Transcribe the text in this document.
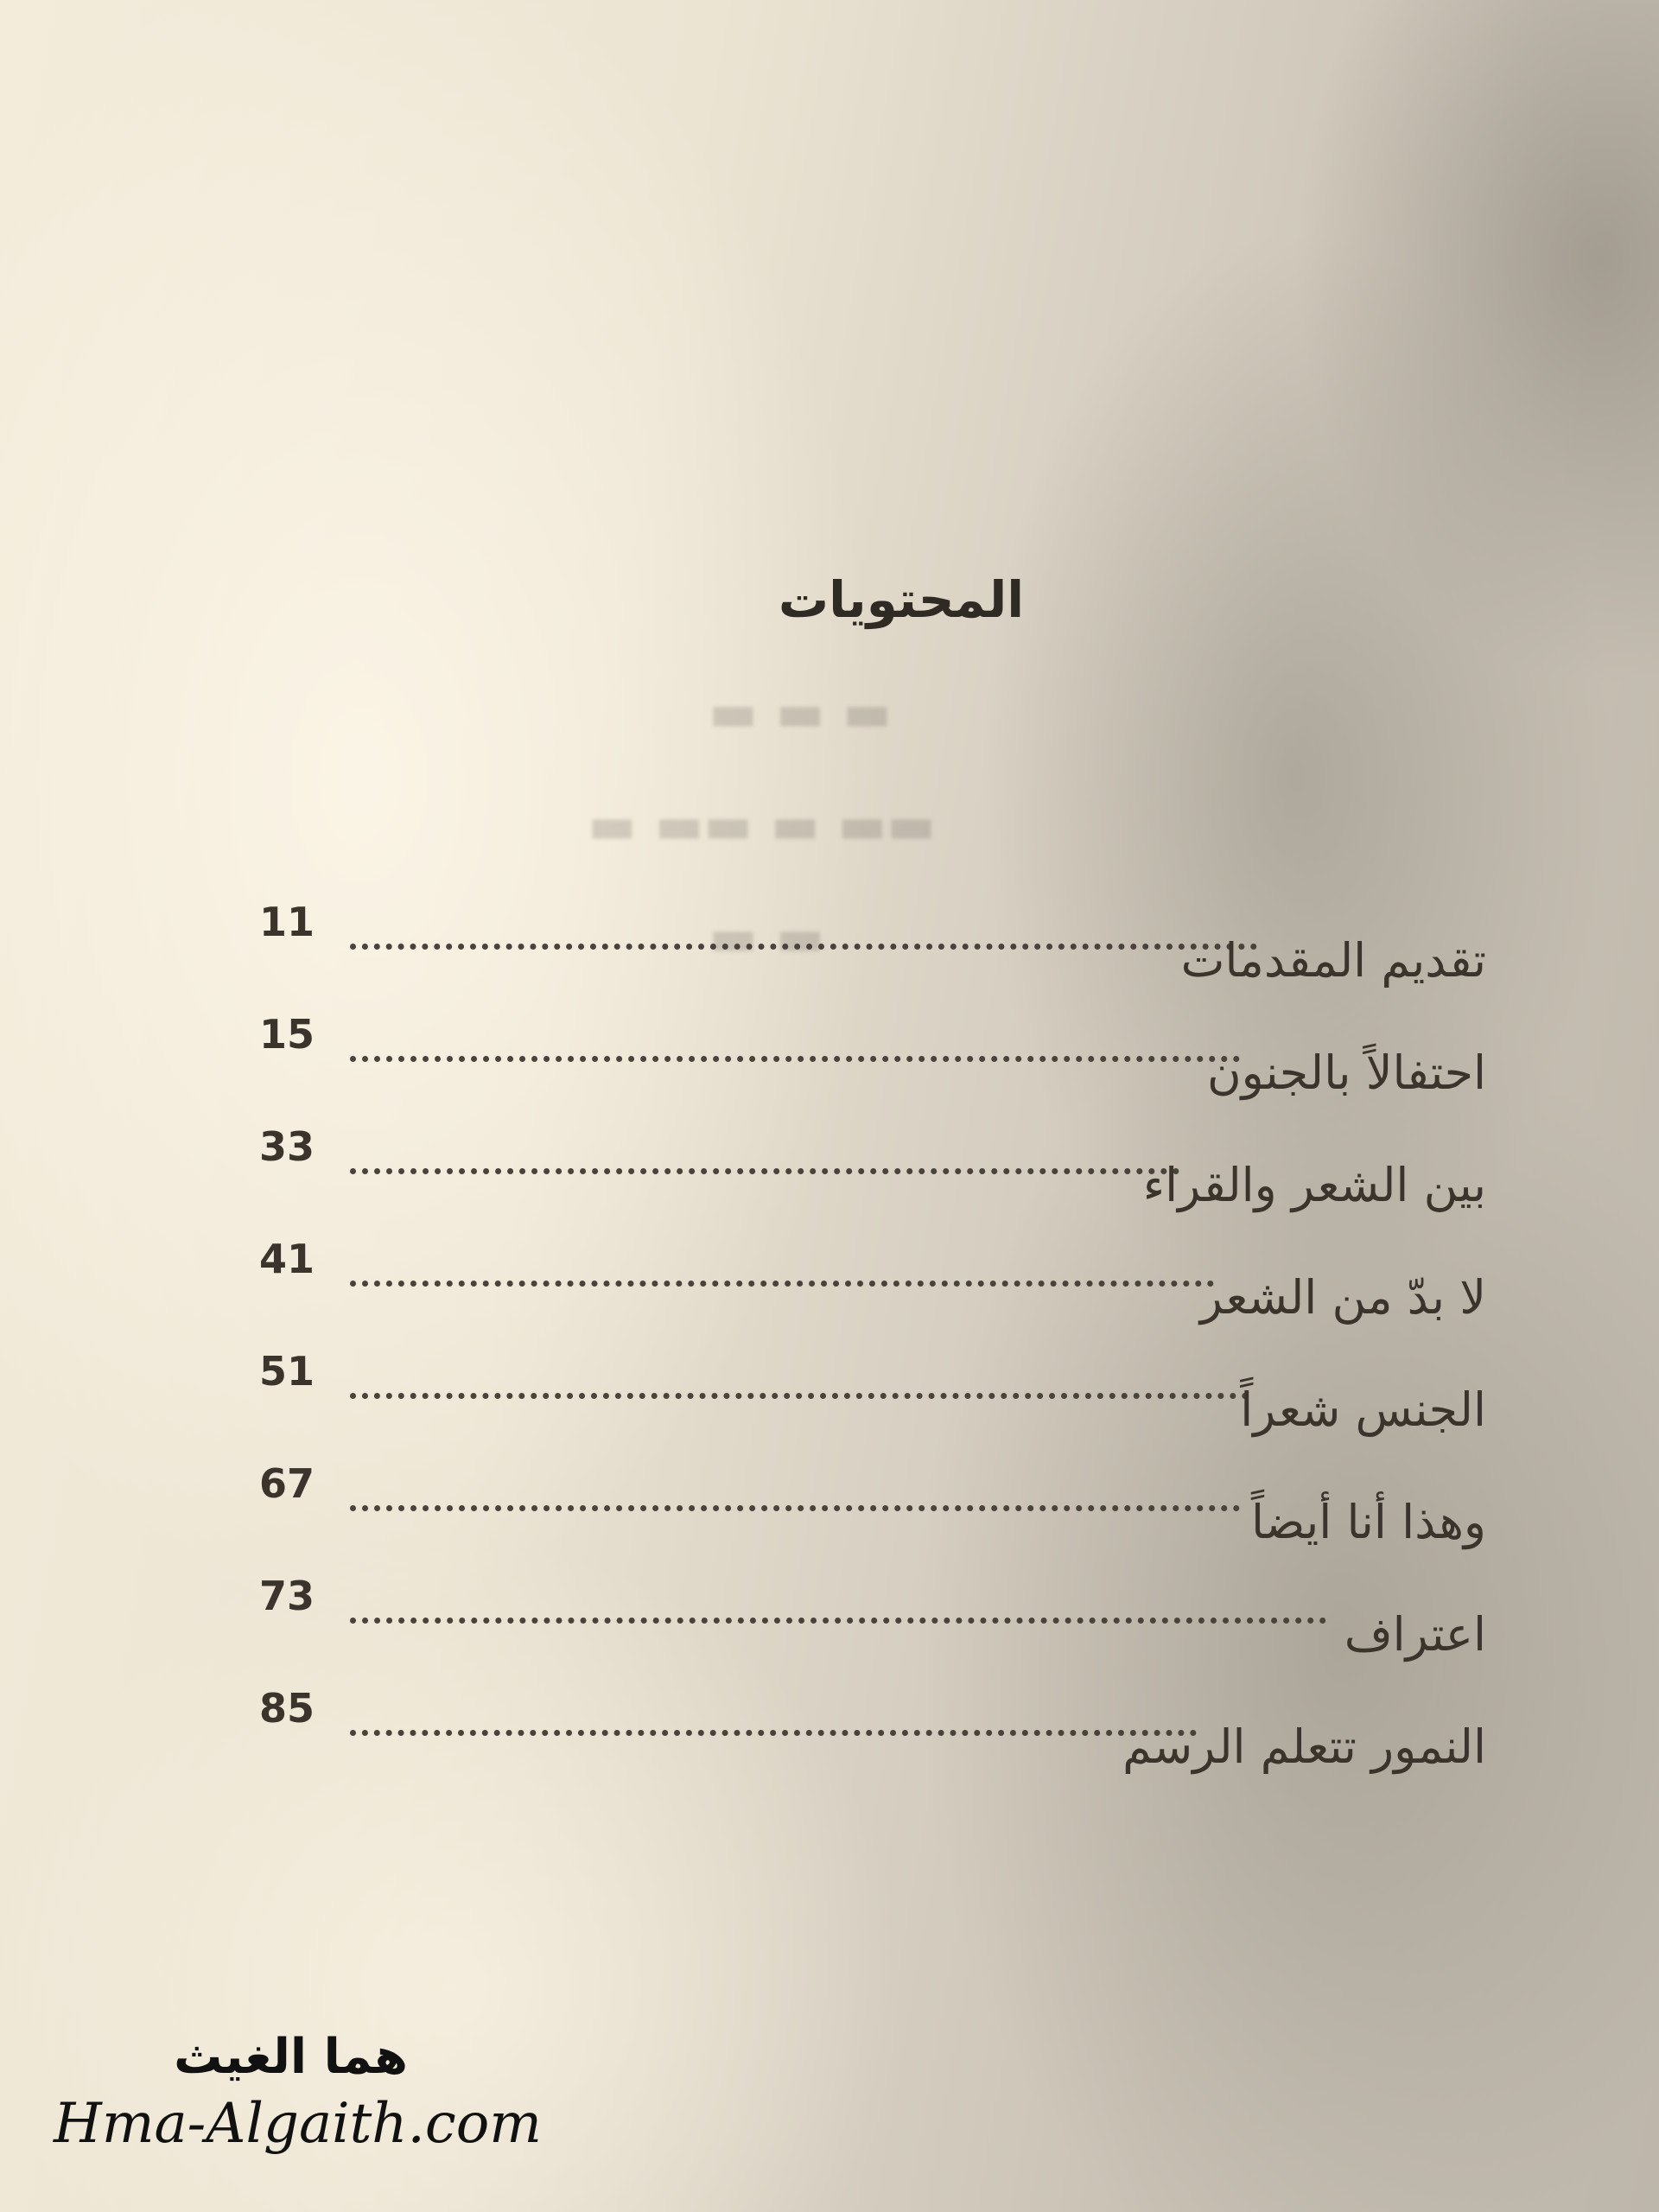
▬ ▬ ▬
▬▬ ▬ ▬▬ ▬
▬ ▬
المحتويات
11
تقديم المقدمات
15
احتفالاً بالجنون
33
بين الشعر والقراء
41
لا بدّ من الشعر
51
الجنس شعراً
67
وهذا أنا أيضاً
73
اعتراف
85
النمور تتعلم الرسم
هما الغيث
Hma-Algaith.com
